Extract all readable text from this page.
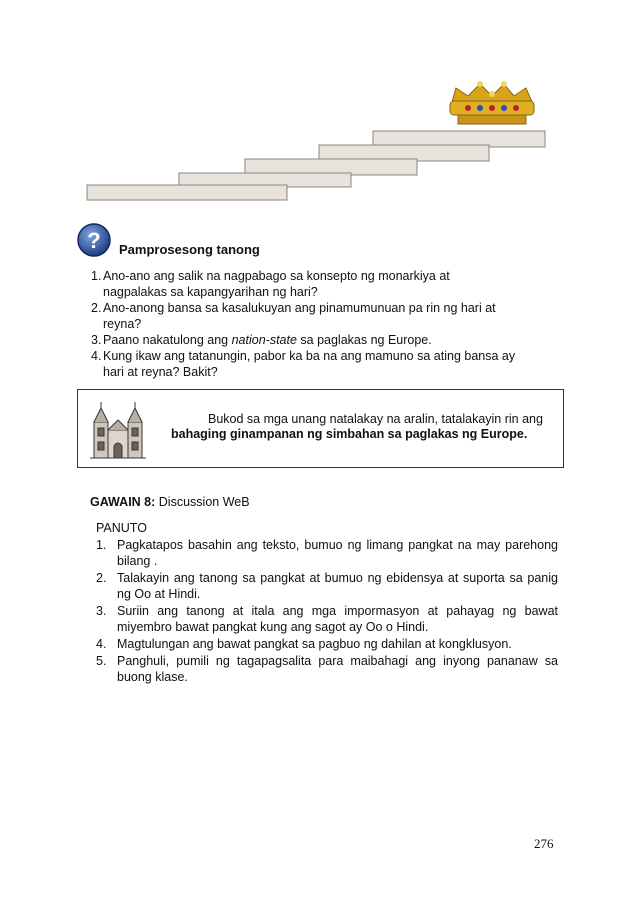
? Pamprosesong tanong
1. Ano-ano ang salik na nagpabago sa konsepto ng monarkiya at
nagpalakas sa kapangyarihan ng hari?
2. Ano-anong bansa sa kasalukuyan ang pinamumunuan pa rin ng hari at
reyna?
3. Paano nakatulong ang nation-state sa paglakas ng Europe.
4. Kung ikaw ang tatanungin, pabor ka ba na ang mamuno sa ating bansa ay
hari at reyna? Bakit?
Bukod sa mga unang natalakay na aralin, tatalakayin rin ang
bahaging ginampanan ng simbahan sa paglakas ng Europe.
GAWAIN 8: Discussion WeB
PANUTO
1. Pagkatapos basahin ang teksto, bumuo ng limang pangkat na may parehong bilang .
2. Talakayin ang tanong sa pangkat at bumuo ng ebidensya at suporta sa panig ng Oo at Hindi.
3. Suriin ang tanong at itala ang mga impormasyon at pahayag ng bawat miyembro bawat pangkat kung ang sagot ay Oo o Hindi.
4. Magtulungan ang bawat pangkat sa pagbuo ng dahilan at kongklusyon.
5. Panghuli, pumili ng tagapagsalita para maibahagi ang inyong pananaw sa buong klase.
276
